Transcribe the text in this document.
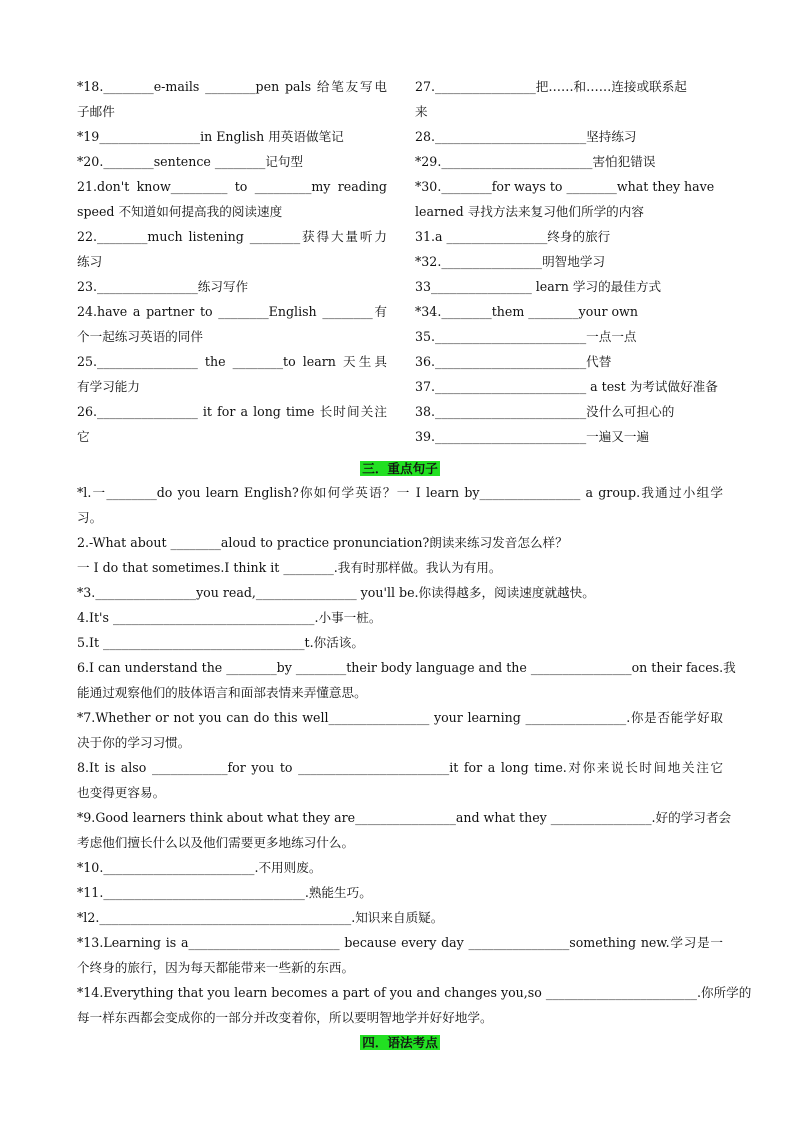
*18.________e-mails ________pen pals 给笔友写电
子邮件
*19________________in English 用英语做笔记
*20.________sentence ________记句型
21.don't know_________ to _________my reading
speed 不知道如何提高我的阅读速度
22.________much listening ________获得大量听力
练习
23.________________练习写作
24.have a partner to ________English ________有
个一起练习英语的同伴
25.________________ the ________to learn 天生具
有学习能力
26.________________ it for a long time 长时间关注
它
27.________________把……和……连接或联系起
来
28.________________________坚持练习
*29.________________________害怕犯错误
*30.________for ways to ________what they have
learned 寻找方法来复习他们所学的内容
31.a ________________终身的旅行
*32.________________明智地学习
33________________ learn 学习的最佳方式
*34.________them ________your own
35.________________________一点一点
36.________________________代替
37.________________________ a test 为考试做好准备
38.________________________没什么可担心的
39.________________________一遍又一遍
三．重点句子
*l.一________do you learn English?你如何学英语？一 I learn by________________ a group.我通过小组学
习。
2.-What about ________aloud to practice pronunciation?朗读来练习发音怎么样？
一 I do that sometimes.I think it ________.我有时那样做。我认为有用。
*3.________________you read,________________ you'll be.你读得越多，阅读速度就越快。
4.It's ________________________________.小事一桩。
5.It ________________________________t.你活该。
6.I can understand the ________by ________their body language and the ________________on their faces.我
能通过观察他们的肢体语言和面部表情来弄懂意思。
*7.Whether or not you can do this well________________ your learning ________________.你是否能学好取
决于你的学习习惯。
8.It is also ____________for you to ________________________it for a long time.对你来说长时间地关注它
也变得更容易。
*9.Good learners think about what they are________________and what they ________________.好的学习者会
考虑他们擅长什么以及他们需要更多地练习什么。
*10.________________________.不用则废。
*11.________________________________.熟能生巧。
*l2.________________________________________.知识来自质疑。
*13.Learning is a________________________ because every day ________________something new.学习是一
个终身的旅行，因为每天都能带来一些新的东西。
*14.Everything that you learn becomes a part of you and changes you,so ________________________.你所学的
每一样东西都会变成你的一部分并改变着你，所以要明智地学并好好地学。
四．语法考点
